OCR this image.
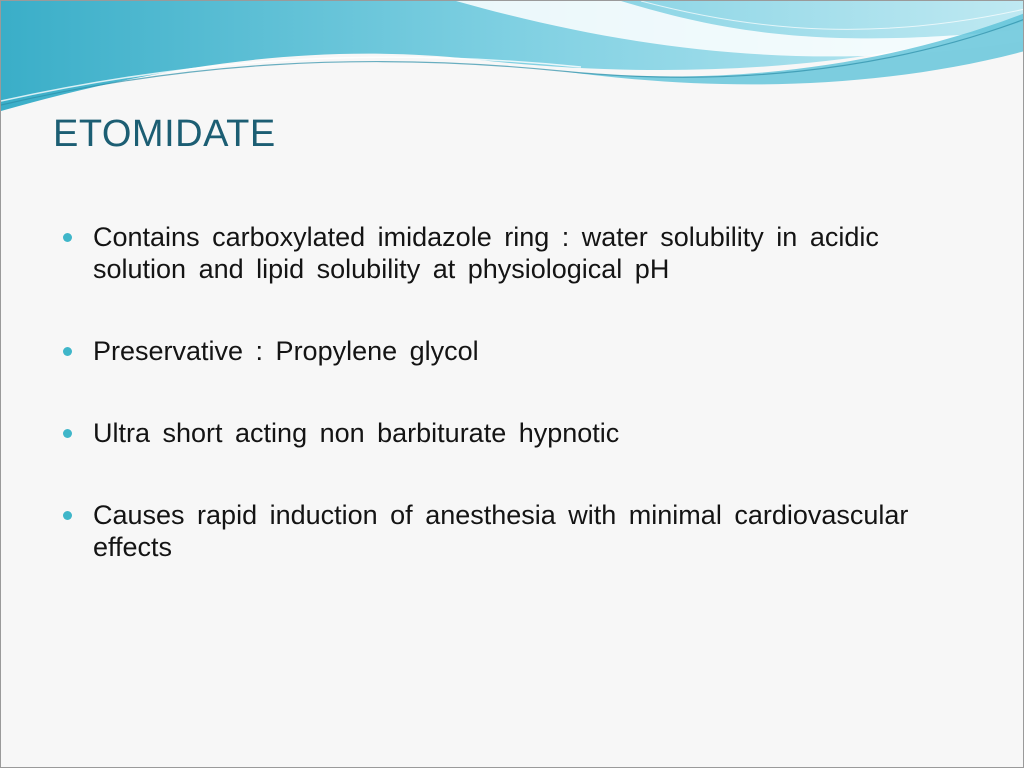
ETOMIDATE
Contains carboxylated imidazole ring : water solubility in acidic solution and lipid solubility at physiological pH
Preservative : Propylene glycol
Ultra short acting non barbiturate hypnotic
Causes rapid induction of anesthesia with minimal cardiovascular effects
